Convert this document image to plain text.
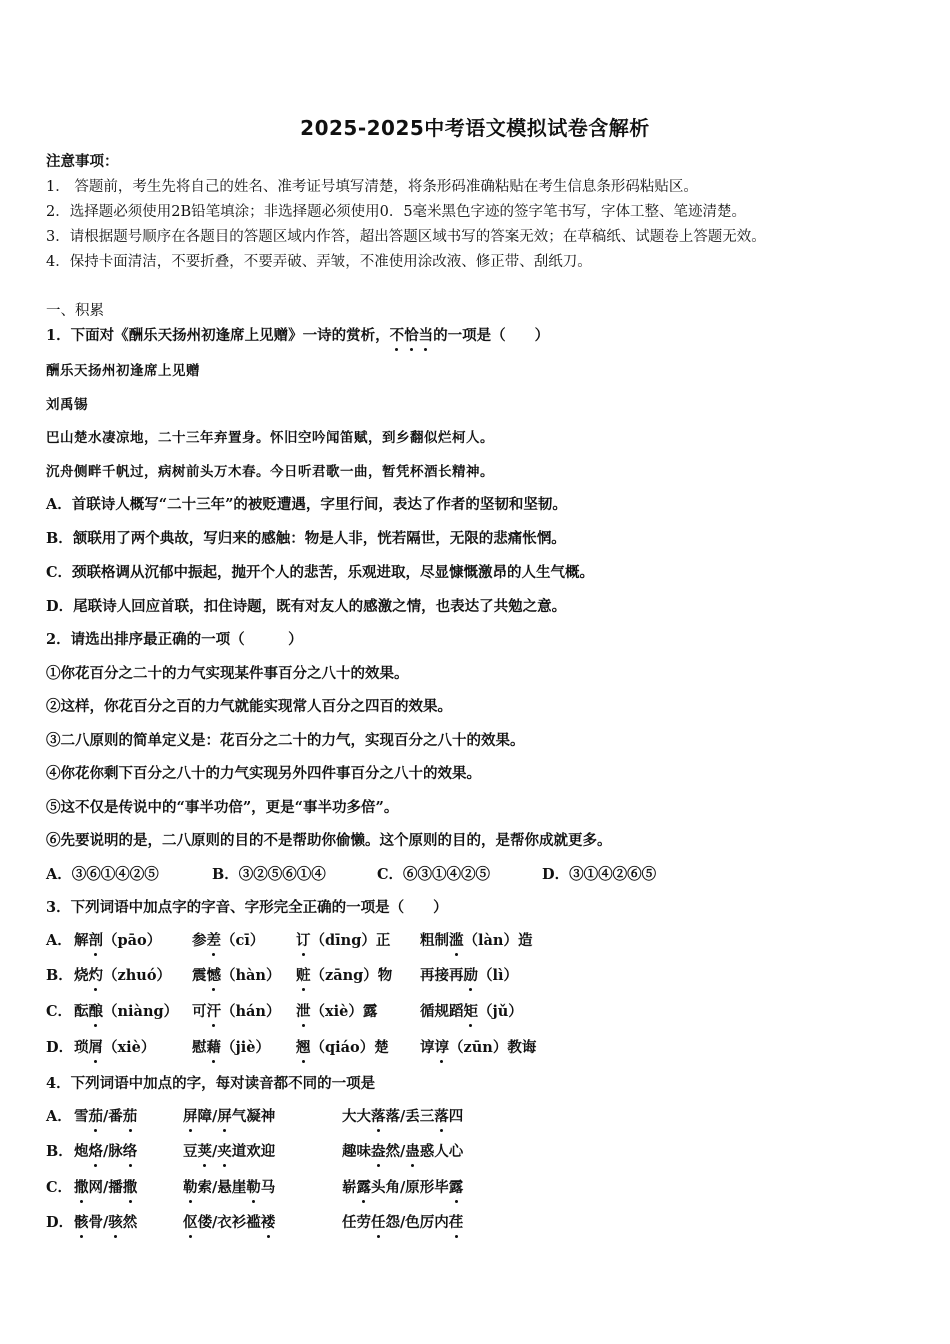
2025-2025中考语文模拟试卷含解析
注意事项：
1． 答题前，考生先将自己的姓名、准考证号填写清楚，将条形码准确粘贴在考生信息条形码粘贴区。
2．选择题必须使用2B铅笔填涂；非选择题必须使用0．5毫米黑色字迹的签字笔书写，字体工整、笔迹清楚。
3．请根据题号顺序在各题目的答题区域内作答，超出答题区域书写的答案无效；在草稿纸、试题卷上答题无效。
4．保持卡面清洁，不要折叠，不要弄破、弄皱，不准使用涂改液、修正带、刮纸刀。
一、积累
1．下面对《酬乐天扬州初逢席上见赠》一诗的赏析，不恰当的一项是（　　）
酬乐天扬州初逢席上见赠
刘禹锡
巴山楚水凄凉地，二十三年弃置身。怀旧空吟闻笛赋，到乡翻似烂柯人。
沉舟侧畔千帆过，病树前头万木春。今日听君歌一曲，暂凭杯酒长精神。
A．首联诗人概写“二十三年”的被贬遭遇，字里行间，表达了作者的坚韧和坚韧。
B．颔联用了两个典故，写归来的感触：物是人非，恍若隔世，无限的悲痛怅惘。
C．颈联格调从沉郁中振起，抛开个人的悲苦，乐观进取，尽显慷慨激昂的人生气概。
D．尾联诗人回应首联，扣住诗题，既有对友人的感激之情，也表达了共勉之意。
2．请选出排序最正确的一项（　　　）
①你花百分之二十的力气实现某件事百分之八十的效果。
②这样，你花百分之百的力气就能实现常人百分之四百的效果。
③二八原则的简单定义是：花百分之二十的力气，实现百分之八十的效果。
④你花你剩下百分之八十的力气实现另外四件事百分之八十的效果。
⑤这不仅是传说中的“事半功倍”，更是“事半功多倍”。
⑥先要说明的是，二八原则的目的不是帮助你偷懒。这个原则的目的，是帮你成就更多。
A．③⑥①④②⑤	B．③②⑤⑥①④	C．⑥③①④②⑤	D．③①④②⑥⑤
3．下列词语中加点字的字音、字形完全正确的一项是（　　）
A． 解剖（pāo） 参差（cī） 订（dīng）正 粗制滥（làn）造
B． 烧灼（zhuó） 震憾（hàn） 赃（zāng）物 再接再励（lì）
C． 酝酿（niàng） 可汗（hán） 泄（xiè）露	循规蹈矩（jǔ）
D． 琐屑（xiè）	慰藉（jiè） 翘（qiáo）楚 谆谆（zūn）教诲
4．下列词语中加点的字，每对读音都不同的一项是
A． 雪茄/番茄	屏障/屏气凝神	大大落落/丢三落四
B． 炮烙/脉络	豆荚/夹道欢迎	趣味盎然/蛊惑人心
C． 撒网/播撒	勒索/悬崖勒马	崭露头角/原形毕露
D． 骸骨/骇然	伛偻/衣衫褴褛	任劳任怨/色厉内荏
